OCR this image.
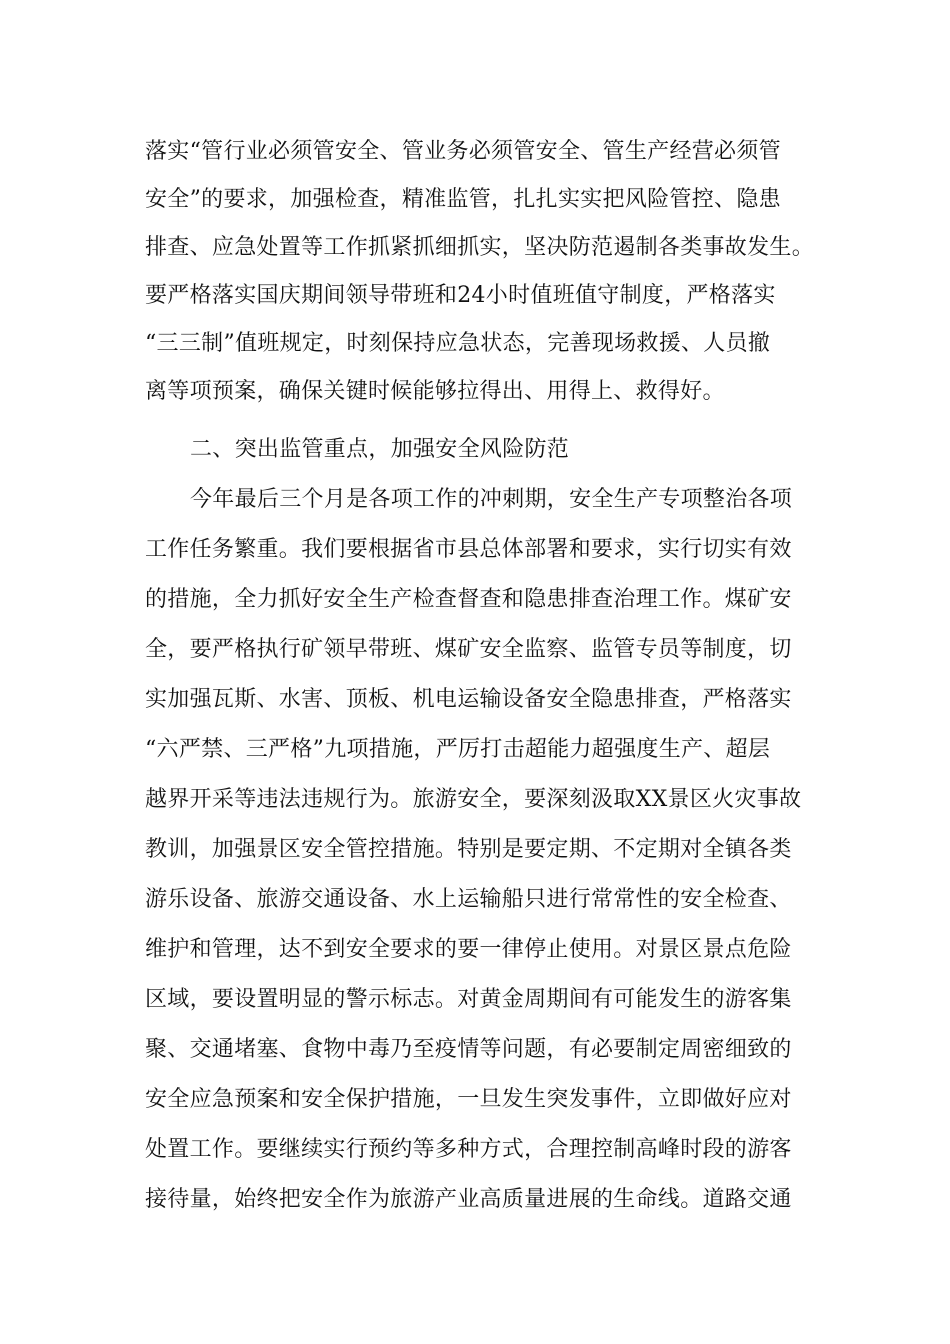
落实“管行业必须管安全、管业务必须管安全、管生产经营必须管
安全”的要求，加强检查，精准监管，扎扎实实把风险管控、隐患
排查、应急处置等工作抓紧抓细抓实，坚决防范遏制各类事故发生。
要严格落实国庆期间领导带班和24小时值班值守制度，严格落实
“三三制”值班规定，时刻保持应急状态，完善现场救援、人员撤
离等项预案，确保关键时候能够拉得出、用得上、救得好。
二、突出监管重点，加强安全风险防范
今年最后三个月是各项工作的冲刺期，安全生产专项整治各项
工作任务繁重。我们要根据省市县总体部署和要求，实行切实有效
的措施，全力抓好安全生产检查督查和隐患排查治理工作。煤矿安
全，要严格执行矿领早带班、煤矿安全监察、监管专员等制度，切
实加强瓦斯、水害、顶板、机电运输设备安全隐患排查，严格落实
“六严禁、三严格”九项措施，严厉打击超能力超强度生产、超层
越界开采等违法违规行为。旅游安全，要深刻汲取XX景区火灾事故
教训，加强景区安全管控措施。特别是要定期、不定期对全镇各类
游乐设备、旅游交通设备、水上运输船只进行常常性的安全检查、
维护和管理，达不到安全要求的要一律停止使用。对景区景点危险
区域，要设置明显的警示标志。对黄金周期间有可能发生的游客集
聚、交通堵塞、食物中毒乃至疫情等问题，有必要制定周密细致的
安全应急预案和安全保护措施，一旦发生突发事件，立即做好应对
处置工作。要继续实行预约等多种方式，合理控制高峰时段的游客
接待量，始终把安全作为旅游产业高质量进展的生命线。道路交通
